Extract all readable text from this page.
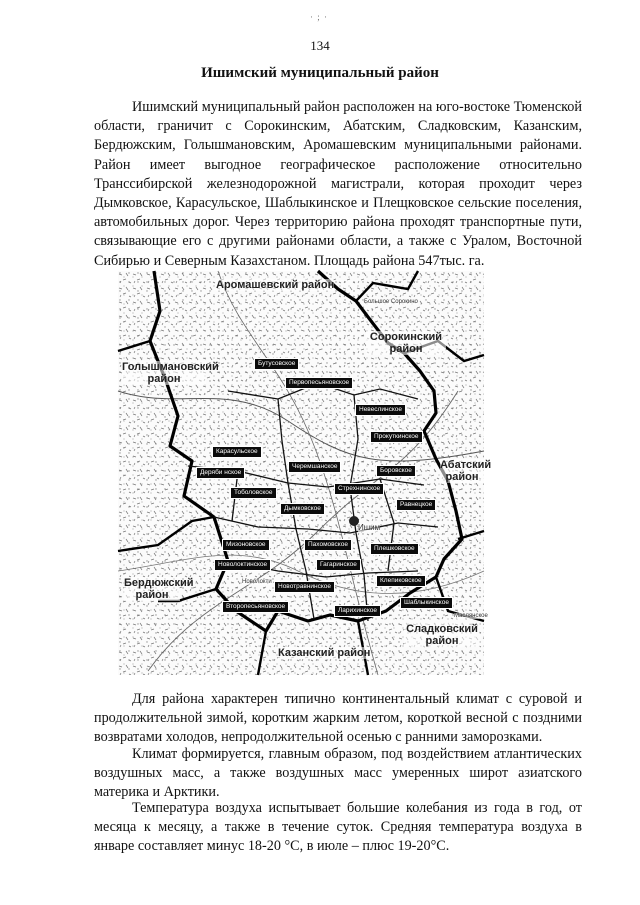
· ; ·
134
Ишимский муниципальный район

Ишимский муниципальный район расположен на юго-востоке Тюменской области, граничит с Сорокинским, Абатским, Сладковским, Казанским, Бердюжским, Голышмановским, Аромашевским муниципальными районами. Район имеет выгодное географическое расположение относительно Транссибирской железнодорожной магистрали, которая проходит через Дымковское, Карасульское, Шаблыкинское и Плещковское сельские поселения, автомобильных дорог. Через территорию района проходят транспортные пути, связывающие его с другими районами области, а также с Уралом, Восточной Сибирью и Северным Казахстаном. Площадь района 547тыс. га.

Аромашевский район
Сорокинский район
Голышмановский район
Абатский район
Бердюжский район
Сладковский район
Казанский район
Большое Сорокино
Ишим
Маслянское
Новолокти
Бутусовское
Первопесьяновское
Невеслинское
Прокуткинское
Карасульское
Черемшанское
Боровское
Деряби нское
Тоболовское
Стрехнинское
Дымковское
Равнецкое
Мизоновское	Пахомовское
Плешковское
Новолоктинское	Гагаринское
Новотравнинское
Клепиковское
Второпесьяновское
Ларихинское
Шаблыкинское

Для района характерен типично континентальный климат с суровой и продолжительной зимой, коротким жарким летом, короткой весной с поздними возвратами холодов, непродолжительной осенью с ранними заморозками.

Климат формируется, главным образом, под воздействием атлантических воздушных масс, а также воздушных масс умеренных широт азиатского материка и Арктики.

Температура воздуха испытывает большие колебания из года в год, от месяца к месяцу, а также в течение суток. Средняя температура воздуха в январе составляет минус 18-20 °С, в июле – плюс 19-20°С.
